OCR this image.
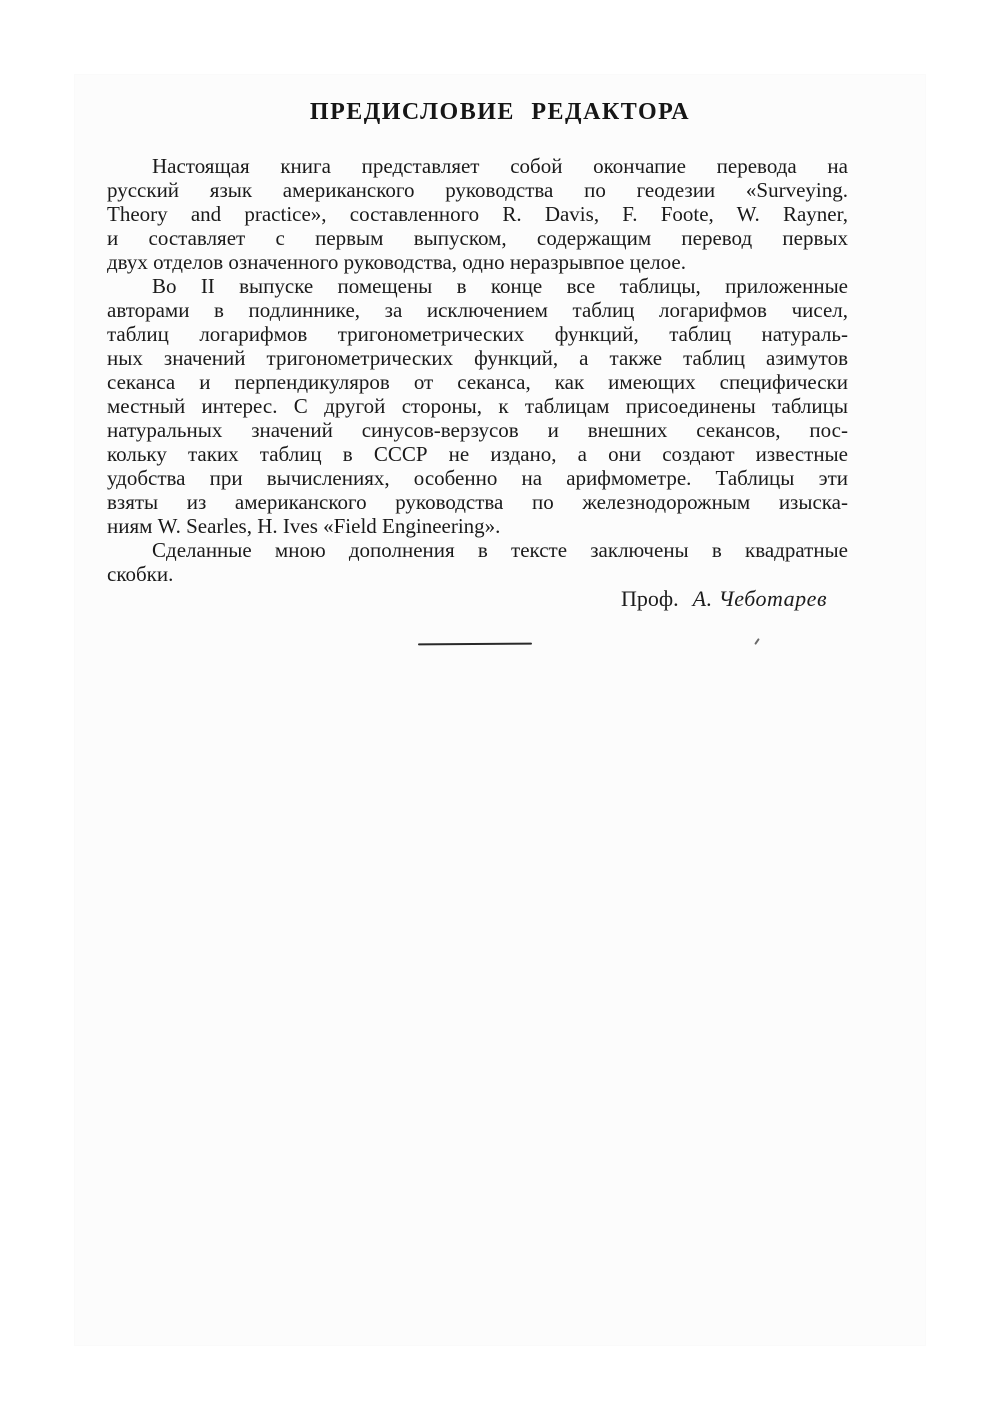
ПРЕДИСЛОВИЕ РЕДАКТОРА
Настоящая книга представляет собой окончапие перевода на
русский язык американского руководства по геодезии «Surveying.
Theory and practice», составленного R. Davis, F. Foote, W. Rayner,
и составляет с первым выпуском, содержащим перевод первых
двух отделов означенного руководства, одно неразрывпое целое.
Во II выпуске помещены в конце все таблицы, приложенные
авторами в подлиннике, за исключением таблиц логарифмов чисел,
таблиц логарифмов тригонометрических функций, таблиц натураль-
ных значений тригонометрических функций, а также таблиц азимутов
секанса и перпендикуляров от секанса, как имеющих специфически
местный интерес. С другой стороны, к таблицам присоединены таблицы
натуральных значений синусов-верзусов и внешних секансов, пос-
кольку таких таблиц в СССР не издано, а они создают известные
удобства при вычислениях, особенно на арифмометре. Таблицы эти
взяты из американского руководства по железнодорожным изыска-
ниям W. Searles, H. Ives «Field Engineering».
Сделанные мною дополнения в тексте заключены в квадратные
скобки.
Проф. А. Чеботарев
